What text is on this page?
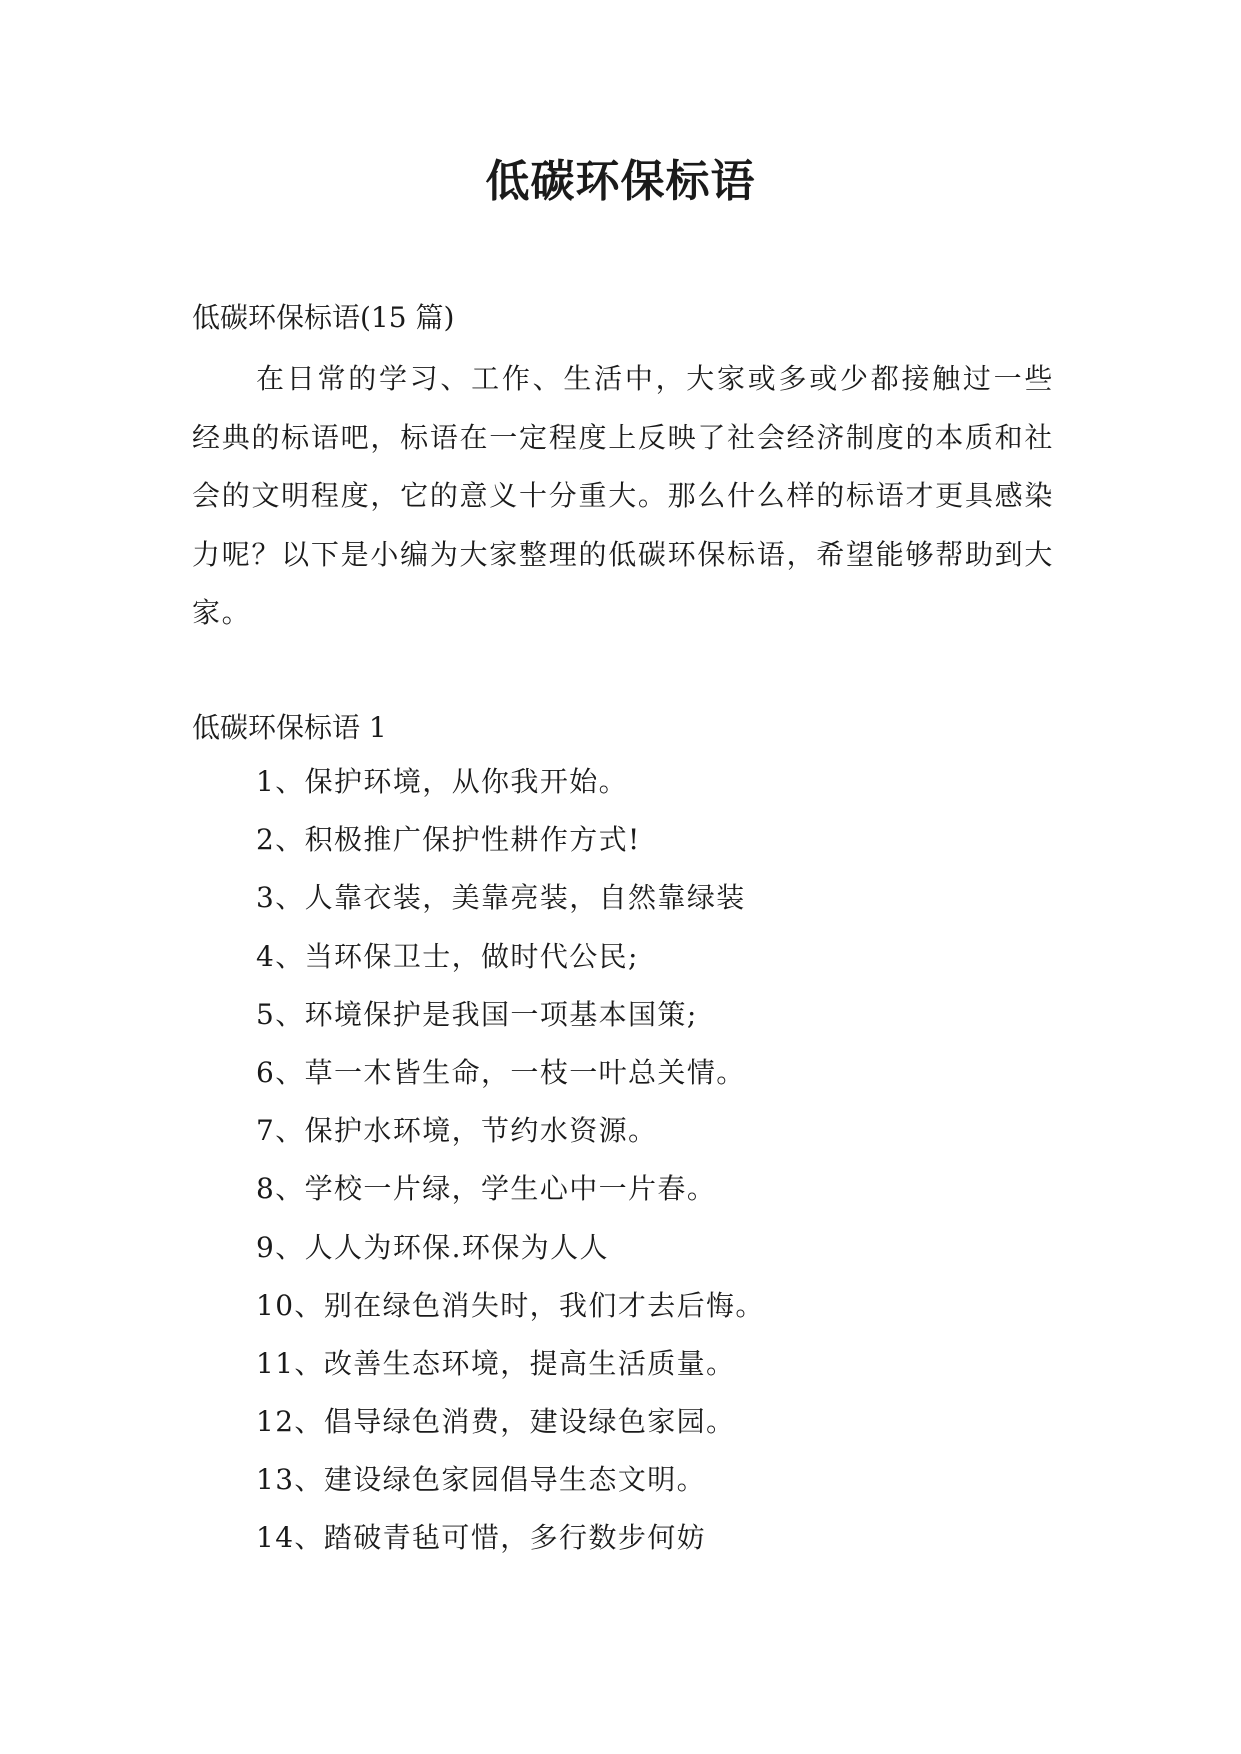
低碳环保标语

低碳环保标语(15 篇)

在日常的学习、工作、生活中，大家或多或少都接触过一些经典的标语吧，标语在一定程度上反映了社会经济制度的本质和社会的文明程度，它的意义十分重大。那么什么样的标语才更具感染力呢？以下是小编为大家整理的低碳环保标语，希望能够帮助到大家。

低碳环保标语 1

1、保护环境，从你我开始。
2、积极推广保护性耕作方式!
3、人靠衣装，美靠亮装，自然靠绿装
4、当环保卫士，做时代公民;
5、环境保护是我国一项基本国策;
6、草一木皆生命，一枝一叶总关情。
7、保护水环境，节约水资源。
8、学校一片绿，学生心中一片春。
9、人人为环保.环保为人人
10、别在绿色消失时，我们才去后悔。
11、改善生态环境，提高生活质量。
12、倡导绿色消费，建设绿色家园。
13、建设绿色家园倡导生态文明。
14、踏破青毡可惜，多行数步何妨
